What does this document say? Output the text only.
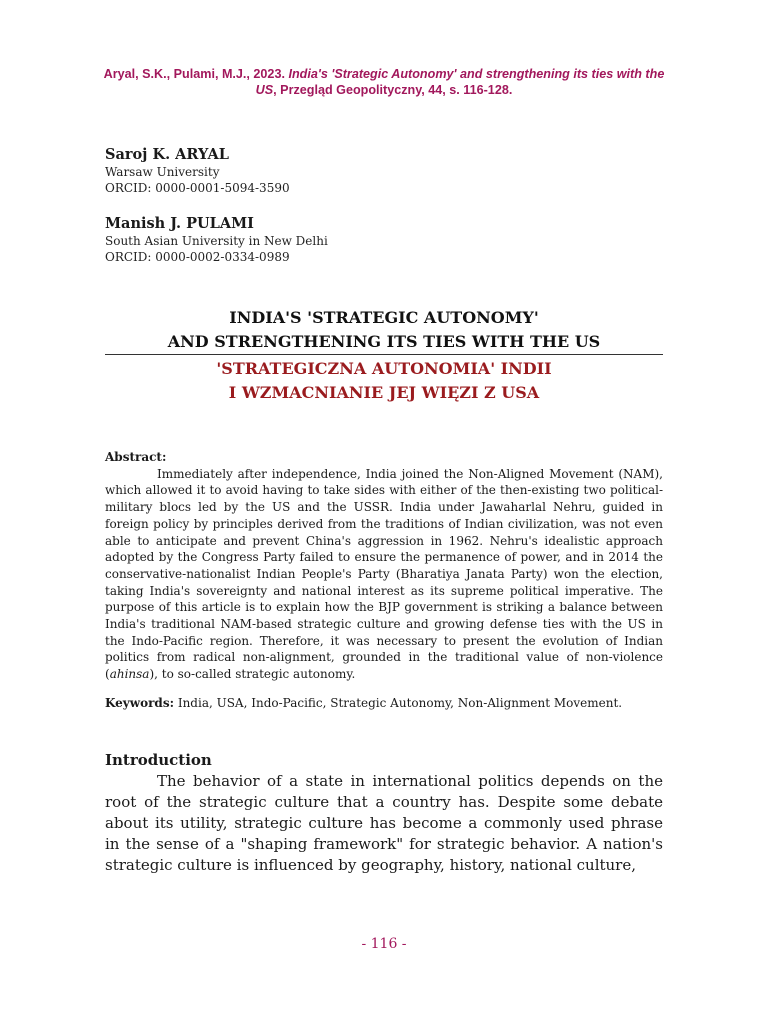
Aryal, S.K., Pulami, M.J., 2023. India's 'Strategic Autonomy' and strengthening its ties with the US, Przegląd Geopolityczny, 44, s. 116-128.
Saroj K. ARYAL
Warsaw University
ORCID: 0000-0001-5094-3590
Manish J. PULAMI
South Asian University in New Delhi
ORCID: 0000-0002-0334-0989
INDIA'S 'STRATEGIC AUTONOMY'
AND STRENGTHENING ITS TIES WITH THE US
'STRATEGICZNA AUTONOMIA' INDII
I WZMACNIANIE JEJ WIĘZI Z USA
Abstract:

Immediately after independence, India joined the Non-Aligned Movement (NAM), which allowed it to avoid having to take sides with either of the then-existing two political-military blocs led by the US and the USSR. India under Jawaharlal Nehru, guided in foreign policy by principles derived from the traditions of Indian civilization, was not even able to anticipate and prevent China's aggression in 1962. Nehru's idealistic approach adopted by the Congress Party failed to ensure the permanence of power, and in 2014 the conservative-nationalist Indian People's Party (Bharatiya Janata Party) won the election, taking India's sovereignty and national interest as its supreme political imperative. The purpose of this article is to explain how the BJP government is striking a balance between India's traditional NAM-based strategic culture and growing defense ties with the US in the Indo-Pacific region. Therefore, it was necessary to present the evolution of Indian politics from radical non-alignment, grounded in the traditional value of non-violence (ahinsa), to so-called strategic autonomy.

Keywords: India, USA, Indo-Pacific, Strategic Autonomy, Non-Alignment Movement.
Introduction

The behavior of a state in international politics depends on the root of the strategic culture that a country has. Despite some debate about its utility, strategic culture has become a commonly used phrase in the sense of a "shaping framework" for strategic behavior. A nation's strategic culture is influenced by geography, history, national culture,

- 116 -
